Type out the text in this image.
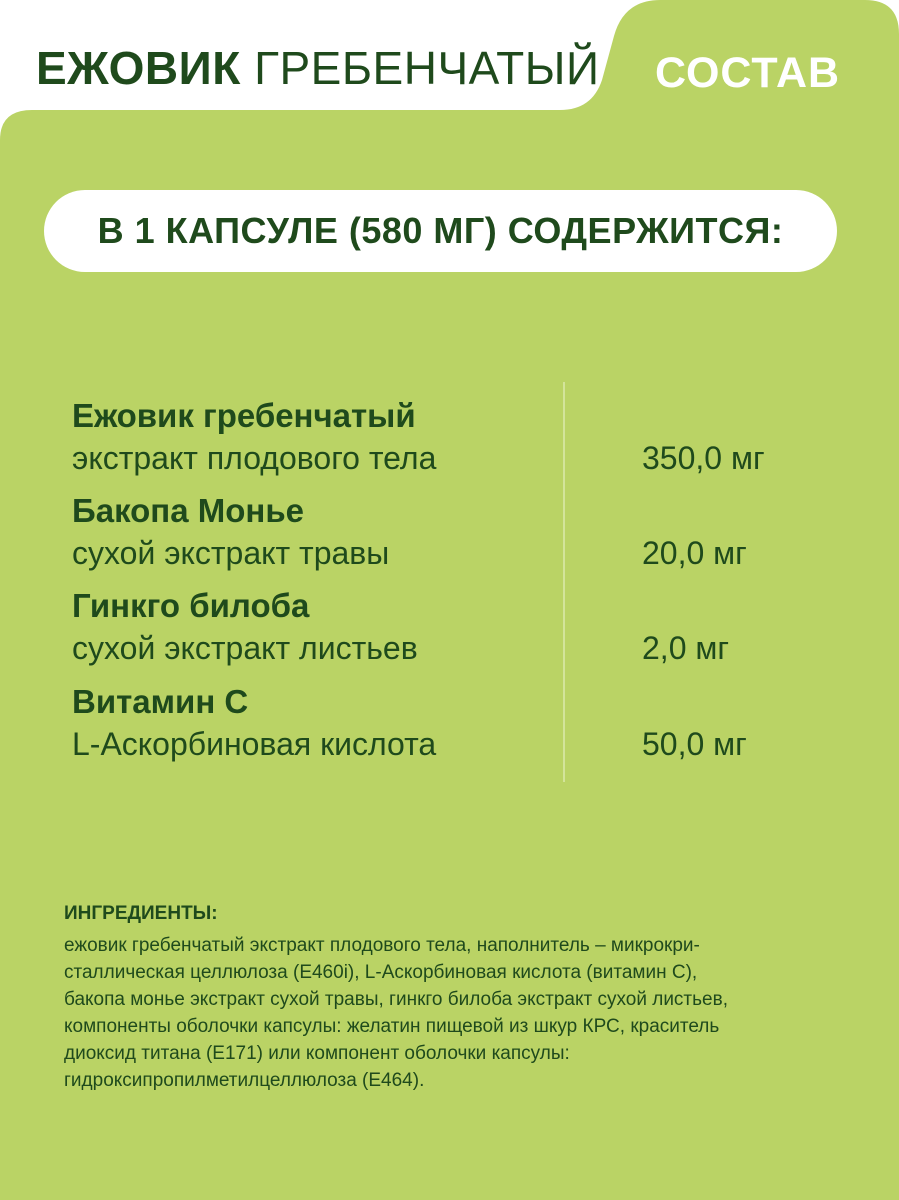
ЕЖОВИК ГРЕБЕНЧАТЫЙ СОСТАВ
В 1 КАПСУЛЕ (580 МГ) СОДЕРЖИТСЯ:
Ежовик гребенчатый
экстракт плодового тела	350,0 мг
Бакопа Монье
сухой экстракт травы	20,0 мг
Гинкго билоба
сухой экстракт листьев	2,0 мг
Витамин С
L-Аскорбиновая кислота	50,0 мг
ИНГРЕДИЕНТЫ:
ежовик гребенчатый экстракт плодового тела, наполнитель – микрокри-
сталлическая целлюлоза (Е460i), L-Аскорбиновая кислота (витамин С),
бакопа монье экстракт сухой травы, гинкго билоба экстракт сухой листьев,
компоненты оболочки капсулы: желатин пищевой из шкур КРС, краситель
диоксид титана (Е171) или компонент оболочки капсулы:
гидроксипропилметилцеллюлоза (Е464).
